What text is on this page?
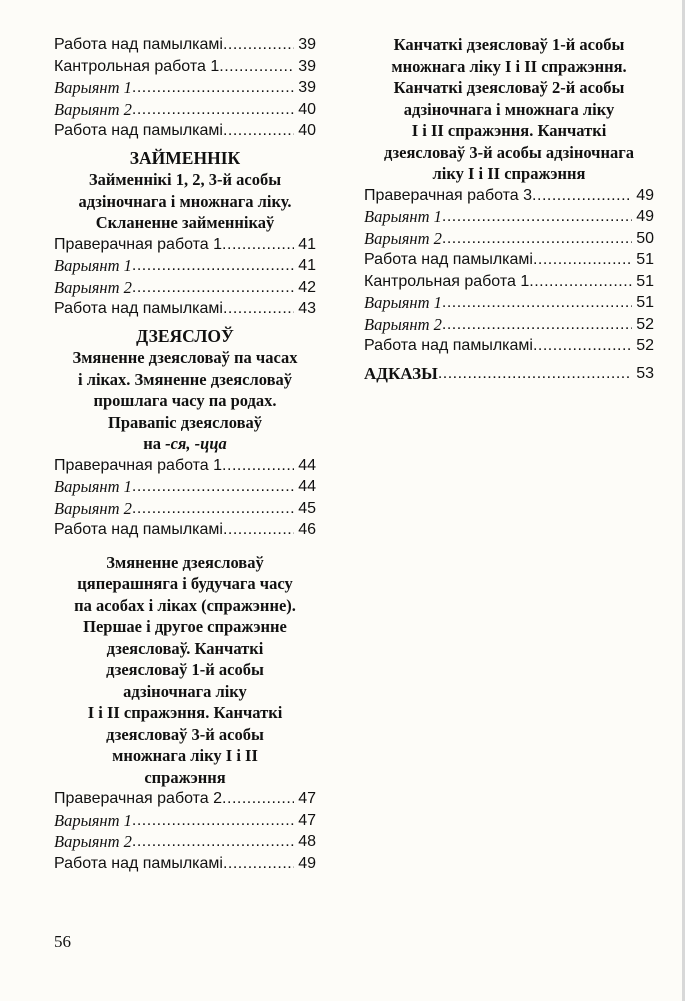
Работа над памылкамі .....	39
Кантрольная работа 1 .....	39
Варыянт 1 .....	39
Варыянт 2 .....	40
Работа над памылкамі .....	40
ЗАЙМЕННІК
Займеннікі 1, 2, 3-й асобы
адзіночнага і множнага ліку.
Скланенне займеннікаў
Праверачная работа 1 .....	41
Варыянт 1 .....	41
Варыянт 2 .....	42
Работа над памылкамі .....	43
ДЗЕЯСЛОЎ
Змяненне дзеясловаў па часах
і ліках. Змяненне дзеясловаў
прошлага часу па родах.
Правапіс дзеясловаў
на -ся, -цца
Праверачная работа 1 .....	44
Варыянт 1 .....	44
Варыянт 2 .....	45
Работа над памылкамі .....	46
Змяненне дзеясловаў
цяперашняга і будучага часу
па асобах і ліках (спражэнне).
Першае і другое спражэнне
дзеясловаў. Канчаткі
дзеясловаў 1-й асобы
адзіночнага ліку
I і II спражэння. Канчаткі
дзеясловаў 3-й асобы
множнага ліку I і II
спражэння
Праверачная работа 2 .....	47
Варыянт 1 .....	47
Варыянт 2 .....	48
Работа над памылкамі .....	49
Канчаткі дзеясловаў 1-й асобы
множнага ліку I і II спражэння.
Канчаткі дзеясловаў 2-й асобы
адзіночнага і множнага ліку
I і II спражэння. Канчаткі
дзеясловаў 3-й асобы адзіночнага
ліку I і II спражэння
Праверачная работа 3 .....	49
Варыянт 1 .....	49
Варыянт 2 .....	50
Работа над памылкамі .....	51
Кантрольная работа 1 .....	51
Варыянт 1 .....	51
Варыянт 2 .....	52
Работа над памылкамі .....	52
АДКАЗЫ .....	53
56
